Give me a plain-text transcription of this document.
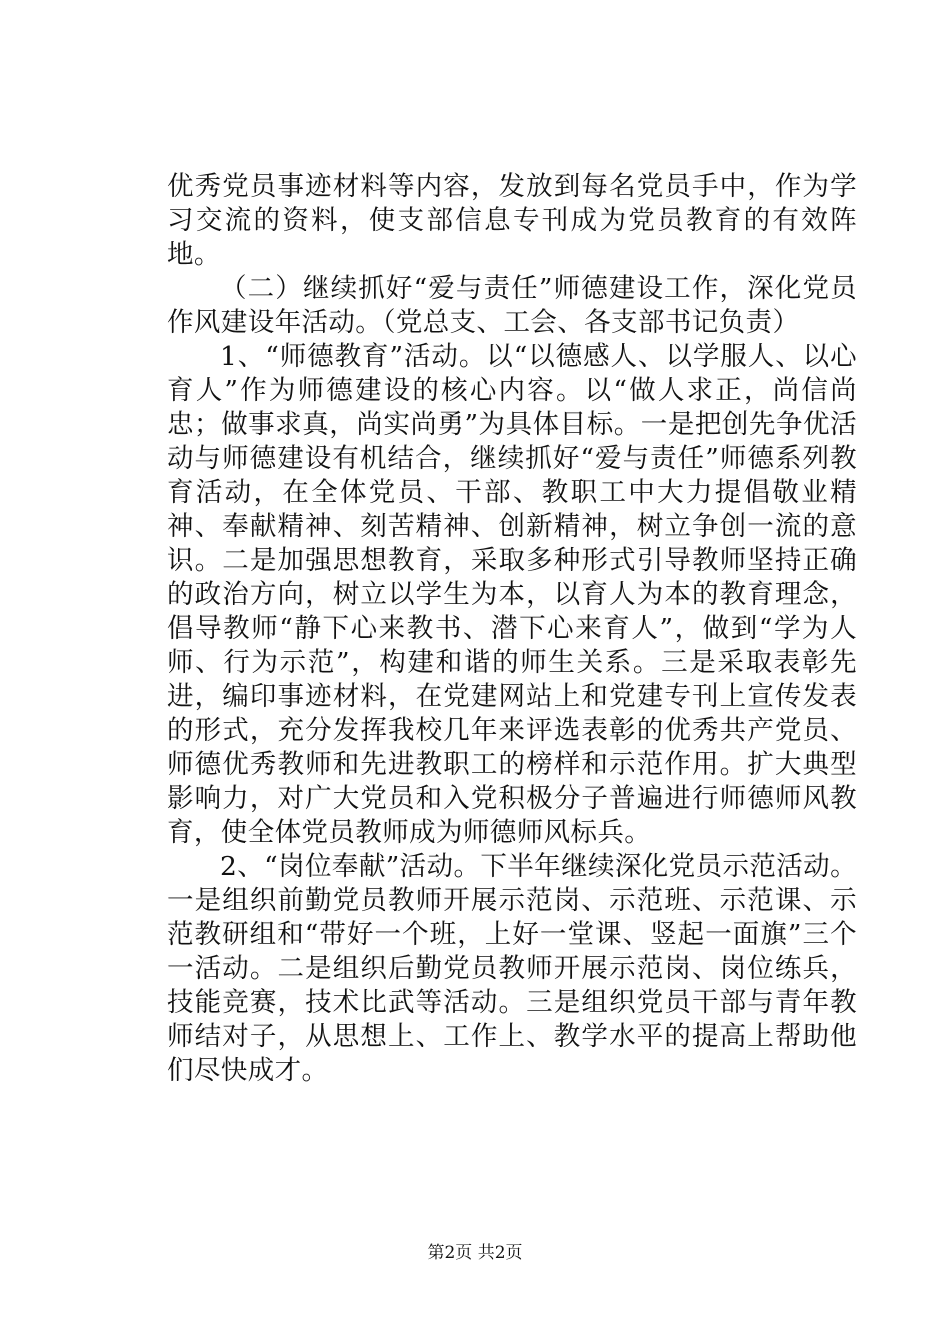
优秀党员事迹材料等内容，发放到每名党员手中，作为学习交流的资料，使支部信息专刊成为党员教育的有效阵地。

（二）继续抓好“爱与责任”师德建设工作，深化党员作风建设年活动。（党总支、工会、各支部书记负责）

1、“师德教育”活动。以“以德感人、以学服人、以心育人”作为师德建设的核心内容。以“做人求正，尚信尚忠；做事求真，尚实尚勇”为具体目标。一是把创先争优活动与师德建设有机结合，继续抓好“爱与责任”师德系列教育活动，在全体党员、干部、教职工中大力提倡敬业精神、奉献精神、刻苦精神、创新精神，树立争创一流的意识。二是加强思想教育，采取多种形式引导教师坚持正确的政治方向，树立以学生为本，以育人为本的教育理念，倡导教师“静下心来教书、潜下心来育人”，做到“学为人师、行为示范”，构建和谐的师生关系。三是采取表彰先进，编印事迹材料，在党建网站上和党建专刊上宣传发表的形式，充分发挥我校几年来评选表彰的优秀共产党员、师德优秀教师和先进教职工的榜样和示范作用。扩大典型影响力，对广大党员和入党积极分子普遍进行师德师风教育，使全体党员教师成为师德师风标兵。

2、“岗位奉献”活动。下半年继续深化党员示范活动。一是组织前勤党员教师开展示范岗、示范班、示范课、示范教研组和“带好一个班，上好一堂课、竖起一面旗”三个一活动。二是组织后勤党员教师开展示范岗、岗位练兵，技能竞赛，技术比武等活动。三是组织党员干部与青年教师结对子，从思想上、工作上、教学水平的提高上帮助他们尽快成才。

第2页 共2页
